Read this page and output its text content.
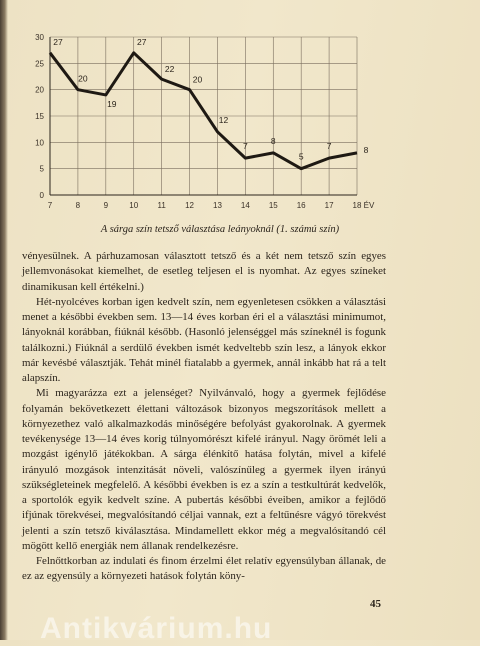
0
5
10
15
20
25
30
7	8	9	10 11 12 13 14 15 16 17 18 ÉV
27
20
19
27
22
20
12
7
8
5
7	8
A sárga szín tetsző választása leányoknál (1. számú szín)

vényesülnek. A párhuzamosan választott tetsző és a két nem tetsző szín egyes jellemvonásokat kiemelhet, de esetleg teljesen el is nyomhat. Az egyes színeket dinamikusan kell értékelni.)

Hét-nyolcéves korban igen kedvelt szín, nem egyenletesen csökken a választási menet a későbbi években sem. 13—14 éves korban éri el a választási minimumot, lányoknál korábban, fiúknál később. (Hasonló jelenséggel más színeknél is fogunk találkozni.) Fiúknál a serdülő években ismét kedveltebb szín lesz, a lányok ekkor már kevésbé választják. Tehát minél fiatalabb a gyermek, annál inkább hat rá a telt alapszín.

Mi magyarázza ezt a jelenséget? Nyilvánvaló, hogy a gyermek fejlődése folyamán bekövetkezett élettani változások bizonyos megszorítások mellett a környezethez való alkalmazkodás minőségére befolyást gyakorolnak. A gyermek tevékenysége 13—14 éves korig túlnyomórészt kifelé irányul. Nagy örömét leli a mozgást igénylő játékokban. A sárga élénkítő hatása folytán, mivel a kifelé irányuló mozgások intenzitását növeli, valószínűleg a gyermek ilyen irányú szükségleteinek megfelelő. A későbbi években is ez a szín a testkultúrát kedvelők, a sportolók egyik kedvelt színe. A pubertás későbbi éveiben, amikor a fejlődő ifjúnak törekvései, megvalósítandó céljai vannak, ezt a feltűnésre vágyó törekvést jelenti a szín tetsző kiválasztása. Mindamellett ekkor még a megvalósítandó cél mögött kellő energiák nem állanak rendelkezésre.

Felnőttkorban az indulati és finom érzelmi élet relatív egyensúlyban állanak, de ez az egyensúly a környezeti hatások folytán köny-

45
Antikvárium.hu
